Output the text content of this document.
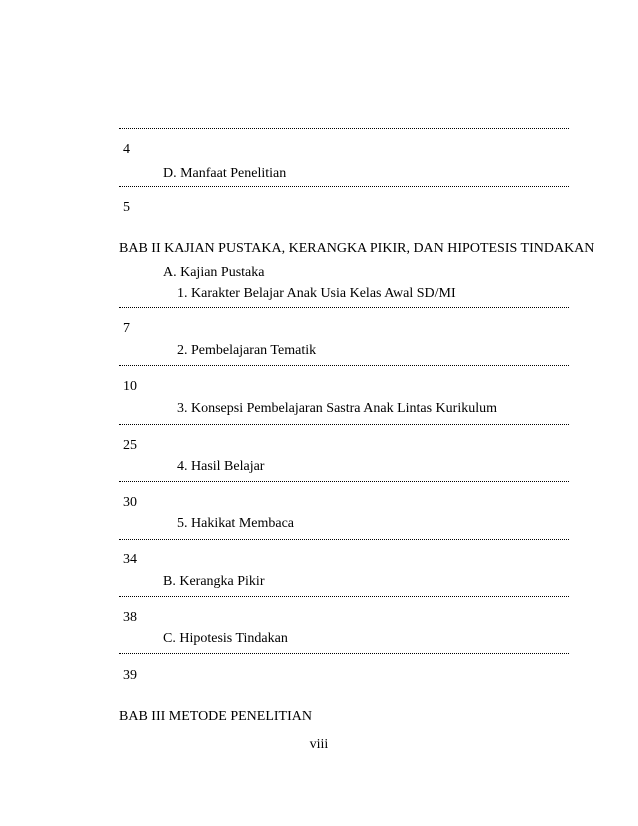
4
D. Manfaat Penelitian
5
BAB II KAJIAN PUSTAKA, KERANGKA PIKIR, DAN HIPOTESIS TINDAKAN
A. Kajian Pustaka
1. Karakter Belajar Anak Usia Kelas Awal SD/MI
7
2. Pembelajaran Tematik
10
3. Konsepsi Pembelajaran Sastra Anak Lintas Kurikulum
25
4. Hasil Belajar
30
5. Hakikat Membaca
34
B. Kerangka Pikir
38
C. Hipotesis Tindakan
39
BAB III METODE PENELITIAN
viii
